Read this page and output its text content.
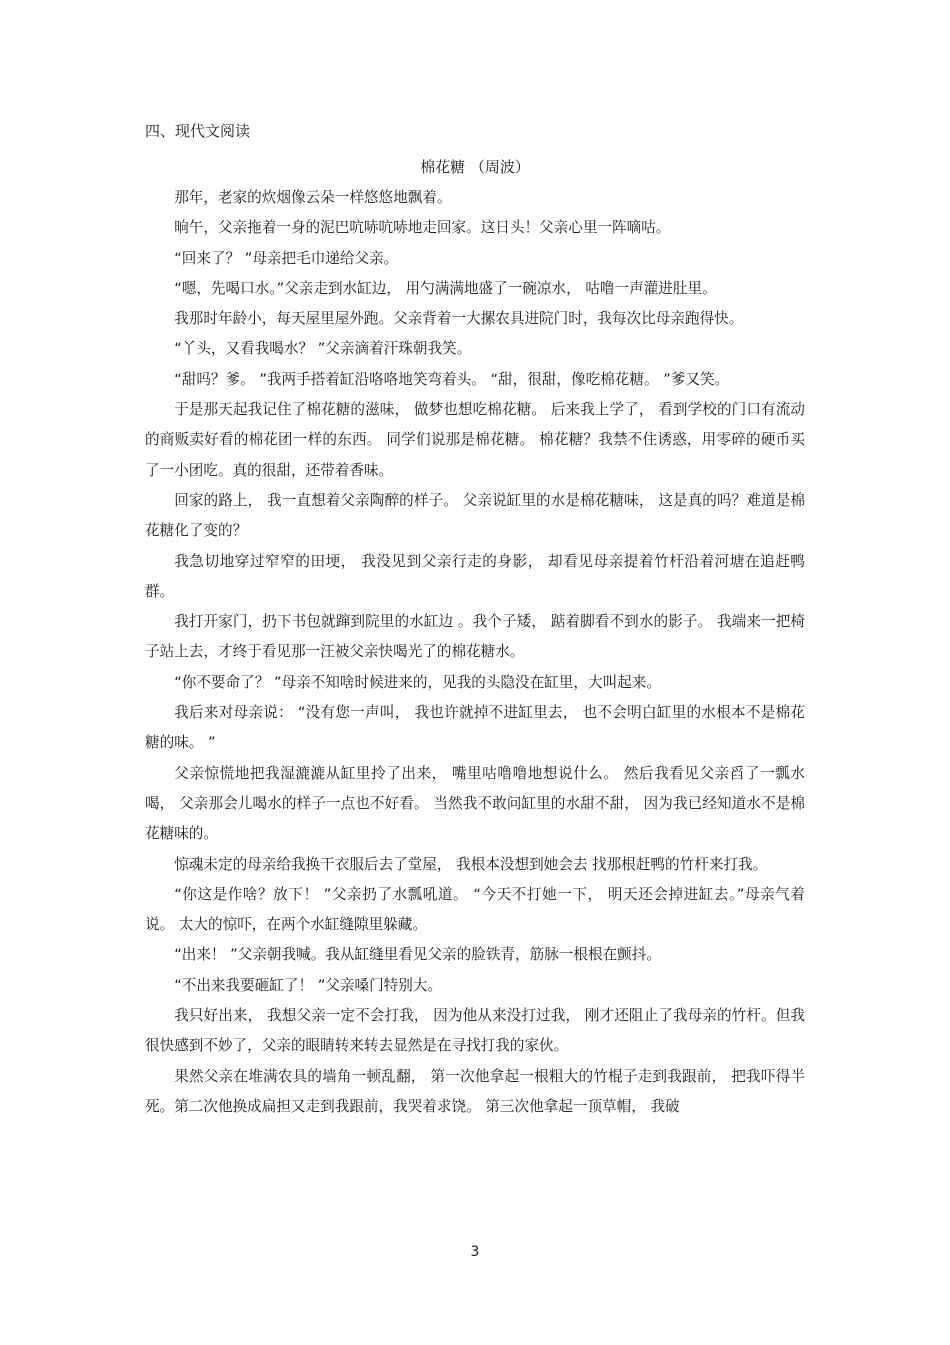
四、现代文阅读
棉花糖 （周波）

那年，老家的炊烟像云朵一样悠悠地飘着。

晌午，父亲拖着一身的泥巴吭哧吭哧地走回家。这日头！父亲心里一阵嘀咕。

“回来了？ ”母亲把毛巾递给父亲。

“嗯，先喝口水。”父亲走到水缸边， 用勺满满地盛了一碗凉水， 咕噜一声灌进肚里。

我那时年龄小，每天屋里屋外跑。父亲背着一大摞农具进院门时，我每次比母亲跑得快。

“丫头，又看我喝水？ ”父亲滴着汗珠朝我笑。

“甜吗？爹。 ”我两手搭着缸沿咯咯地笑弯着头。 “甜，很甜，像吃棉花糖。 ”爹又笑。

于是那天起我记住了棉花糖的滋味， 做梦也想吃棉花糖。 后来我上学了， 看到学校的门口有流动的商贩卖好看的棉花团一样的东西。 同学们说那是棉花糖。 棉花糖？我禁不住诱惑，用零碎的硬币买了一小团吃。真的很甜，还带着香味。

回家的路上， 我一直想着父亲陶醉的样子。 父亲说缸里的水是棉花糖味， 这是真的吗？难道是棉花糖化了变的？

我急切地穿过窄窄的田埂， 我没见到父亲行走的身影， 却看见母亲提着竹杆沿着河塘在追赶鸭群。

我打开家门，扔下书包就蹿到院里的水缸边 。我个子矮， 踮着脚看不到水的影子。 我端来一把椅子站上去，才终于看见那一汪被父亲快喝光了的棉花糖水。

“你不要命了？ ”母亲不知啥时候进来的，见我的头隐没在缸里，大叫起来。

我后来对母亲说： “没有您一声叫， 我也许就掉不进缸里去， 也不会明白缸里的水根本不是棉花糖的味。 ”

父亲惊慌地把我湿漉漉从缸里拎了出来， 嘴里咕噜噜地想说什么。 然后我看见父亲舀了一瓢水喝， 父亲那会儿喝水的样子一点也不好看。 当然我不敢问缸里的水甜不甜， 因为我已经知道水不是棉花糖味的。

惊魂未定的母亲给我换干衣服后去了堂屋， 我根本没想到她会去 找那根赶鸭的竹杆来打我。

“你这是作啥？放下！ ”父亲扔了水瓢吼道。 “今天不打她一下， 明天还会掉进缸去。”母亲气着说。 太大的惊吓，在两个水缸缝隙里躲藏。

“出来！ ”父亲朝我喊。我从缸缝里看见父亲的脸铁青，筋脉一根根在颤抖。

“不出来我要砸缸了！ ”父亲嗓门特别大。

我只好出来， 我想父亲一定不会打我， 因为他从来没打过我， 刚才还阻止了我母亲的竹杆。但我很快感到不妙了，父亲的眼睛转来转去显然是在寻找打我的家伙。

果然父亲在堆满农具的墙角一顿乱翻， 第一次他拿起一根粗大的竹棍子走到我跟前， 把我吓得半 死。第二次他换成扁担又走到我跟前，我哭着求饶。 第三次他拿起一顶草帽， 我破

3
